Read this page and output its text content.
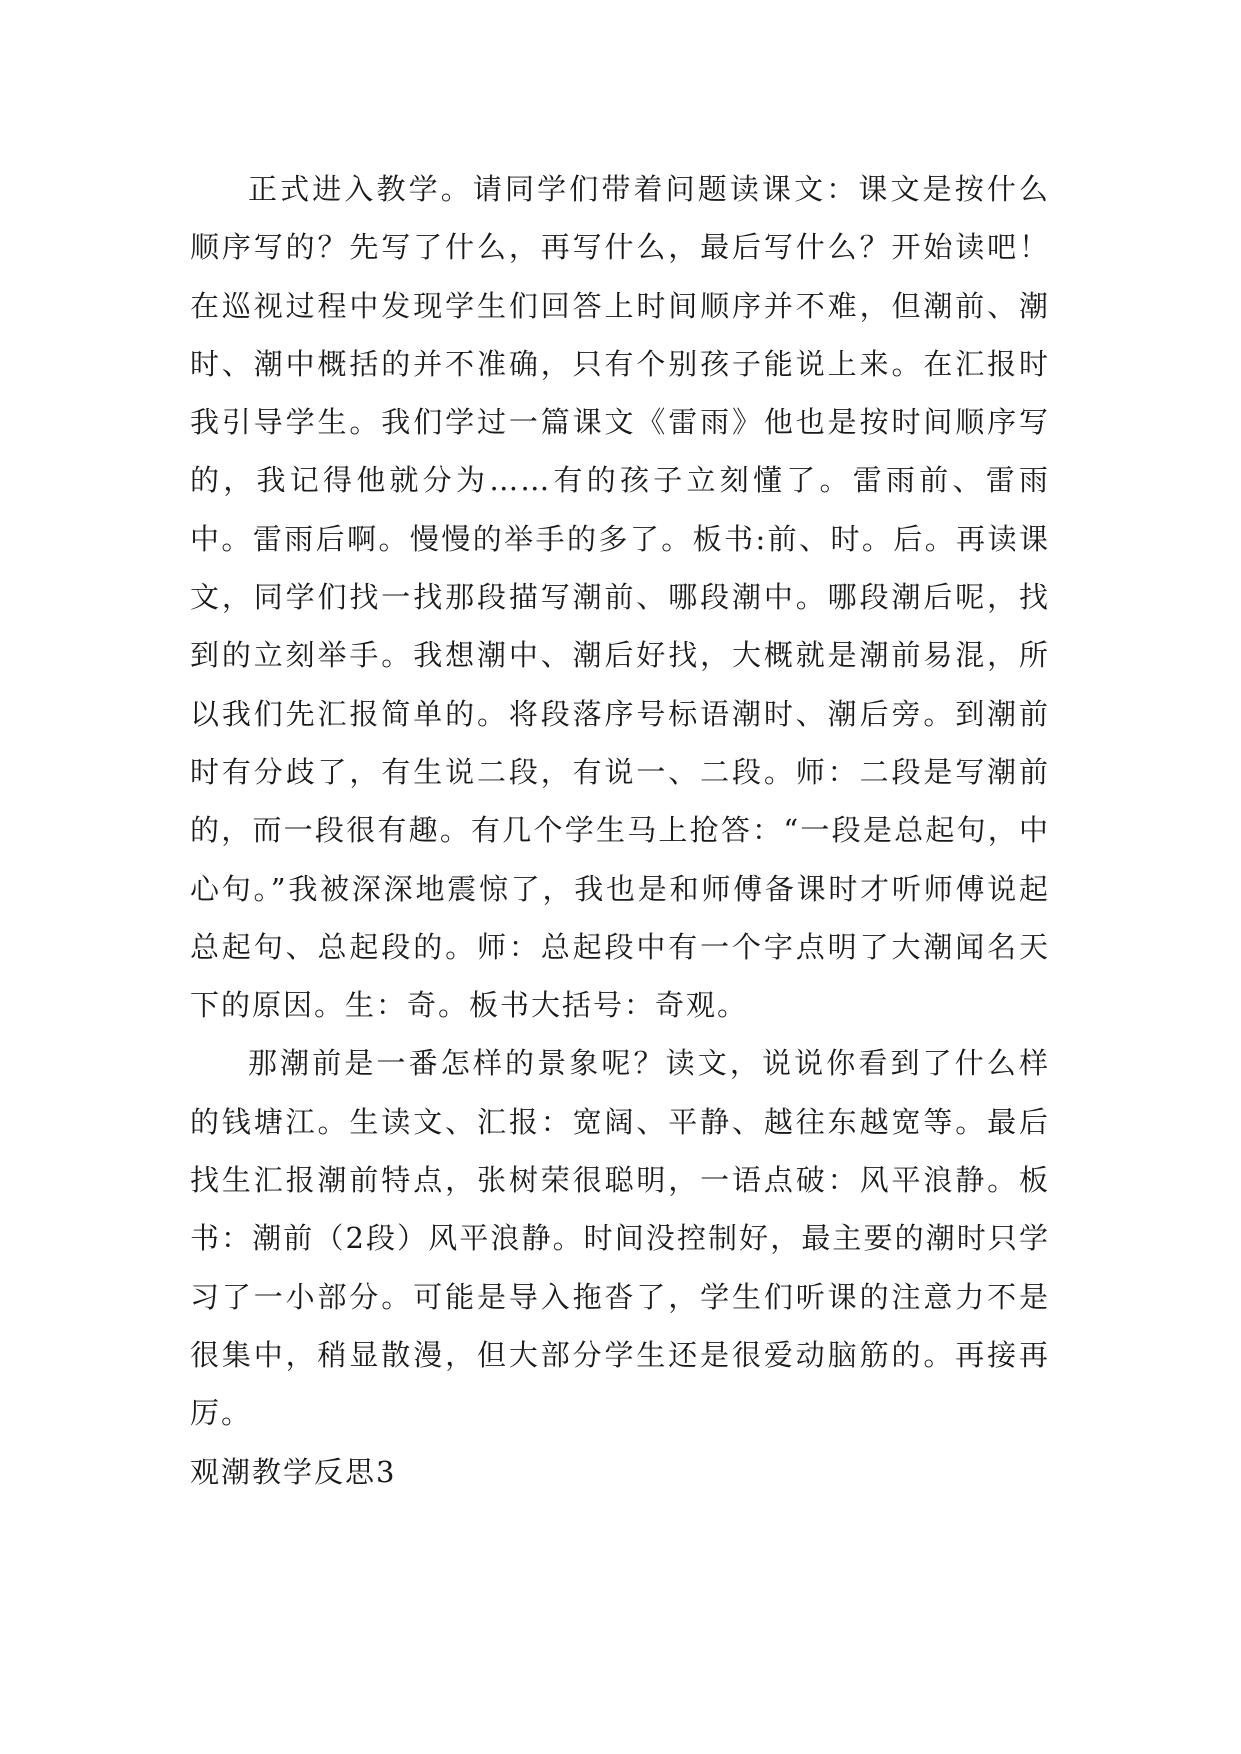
正式进入教学。请同学们带着问题读课文：课文是按什么顺序写的？先写了什么，再写什么，最后写什么？开始读吧！在巡视过程中发现学生们回答上时间顺序并不难，但潮前、潮时、潮中概括的并不准确，只有个别孩子能说上来。在汇报时我引导学生。我们学过一篇课文《雷雨》他也是按时间顺序写的，我记得他就分为……有的孩子立刻懂了。雷雨前、雷雨中。雷雨后啊。慢慢的举手的多了。板书:前、时。后。再读课文，同学们找一找那段描写潮前、哪段潮中。哪段潮后呢，找到的立刻举手。我想潮中、潮后好找，大概就是潮前易混，所以我们先汇报简单的。将段落序号标语潮时、潮后旁。到潮前时有分歧了，有生说二段，有说一、二段。师：二段是写潮前的，而一段很有趣。有几个学生马上抢答：“一段是总起句，中心句。”我被深深地震惊了，我也是和师傅备课时才听师傅说起总起句、总起段的。师：总起段中有一个字点明了大潮闻名天下的原因。生：奇。板书大括号：奇观。

那潮前是一番怎样的景象呢？读文，说说你看到了什么样的钱塘江。生读文、汇报：宽阔、平静、越往东越宽等。最后找生汇报潮前特点，张树荣很聪明，一语点破：风平浪静。板书：潮前（2段）风平浪静。时间没控制好，最主要的潮时只学习了一小部分。可能是导入拖沓了，学生们听课的注意力不是很集中，稍显散漫，但大部分学生还是很爱动脑筋的。再接再厉。

观潮教学反思3
